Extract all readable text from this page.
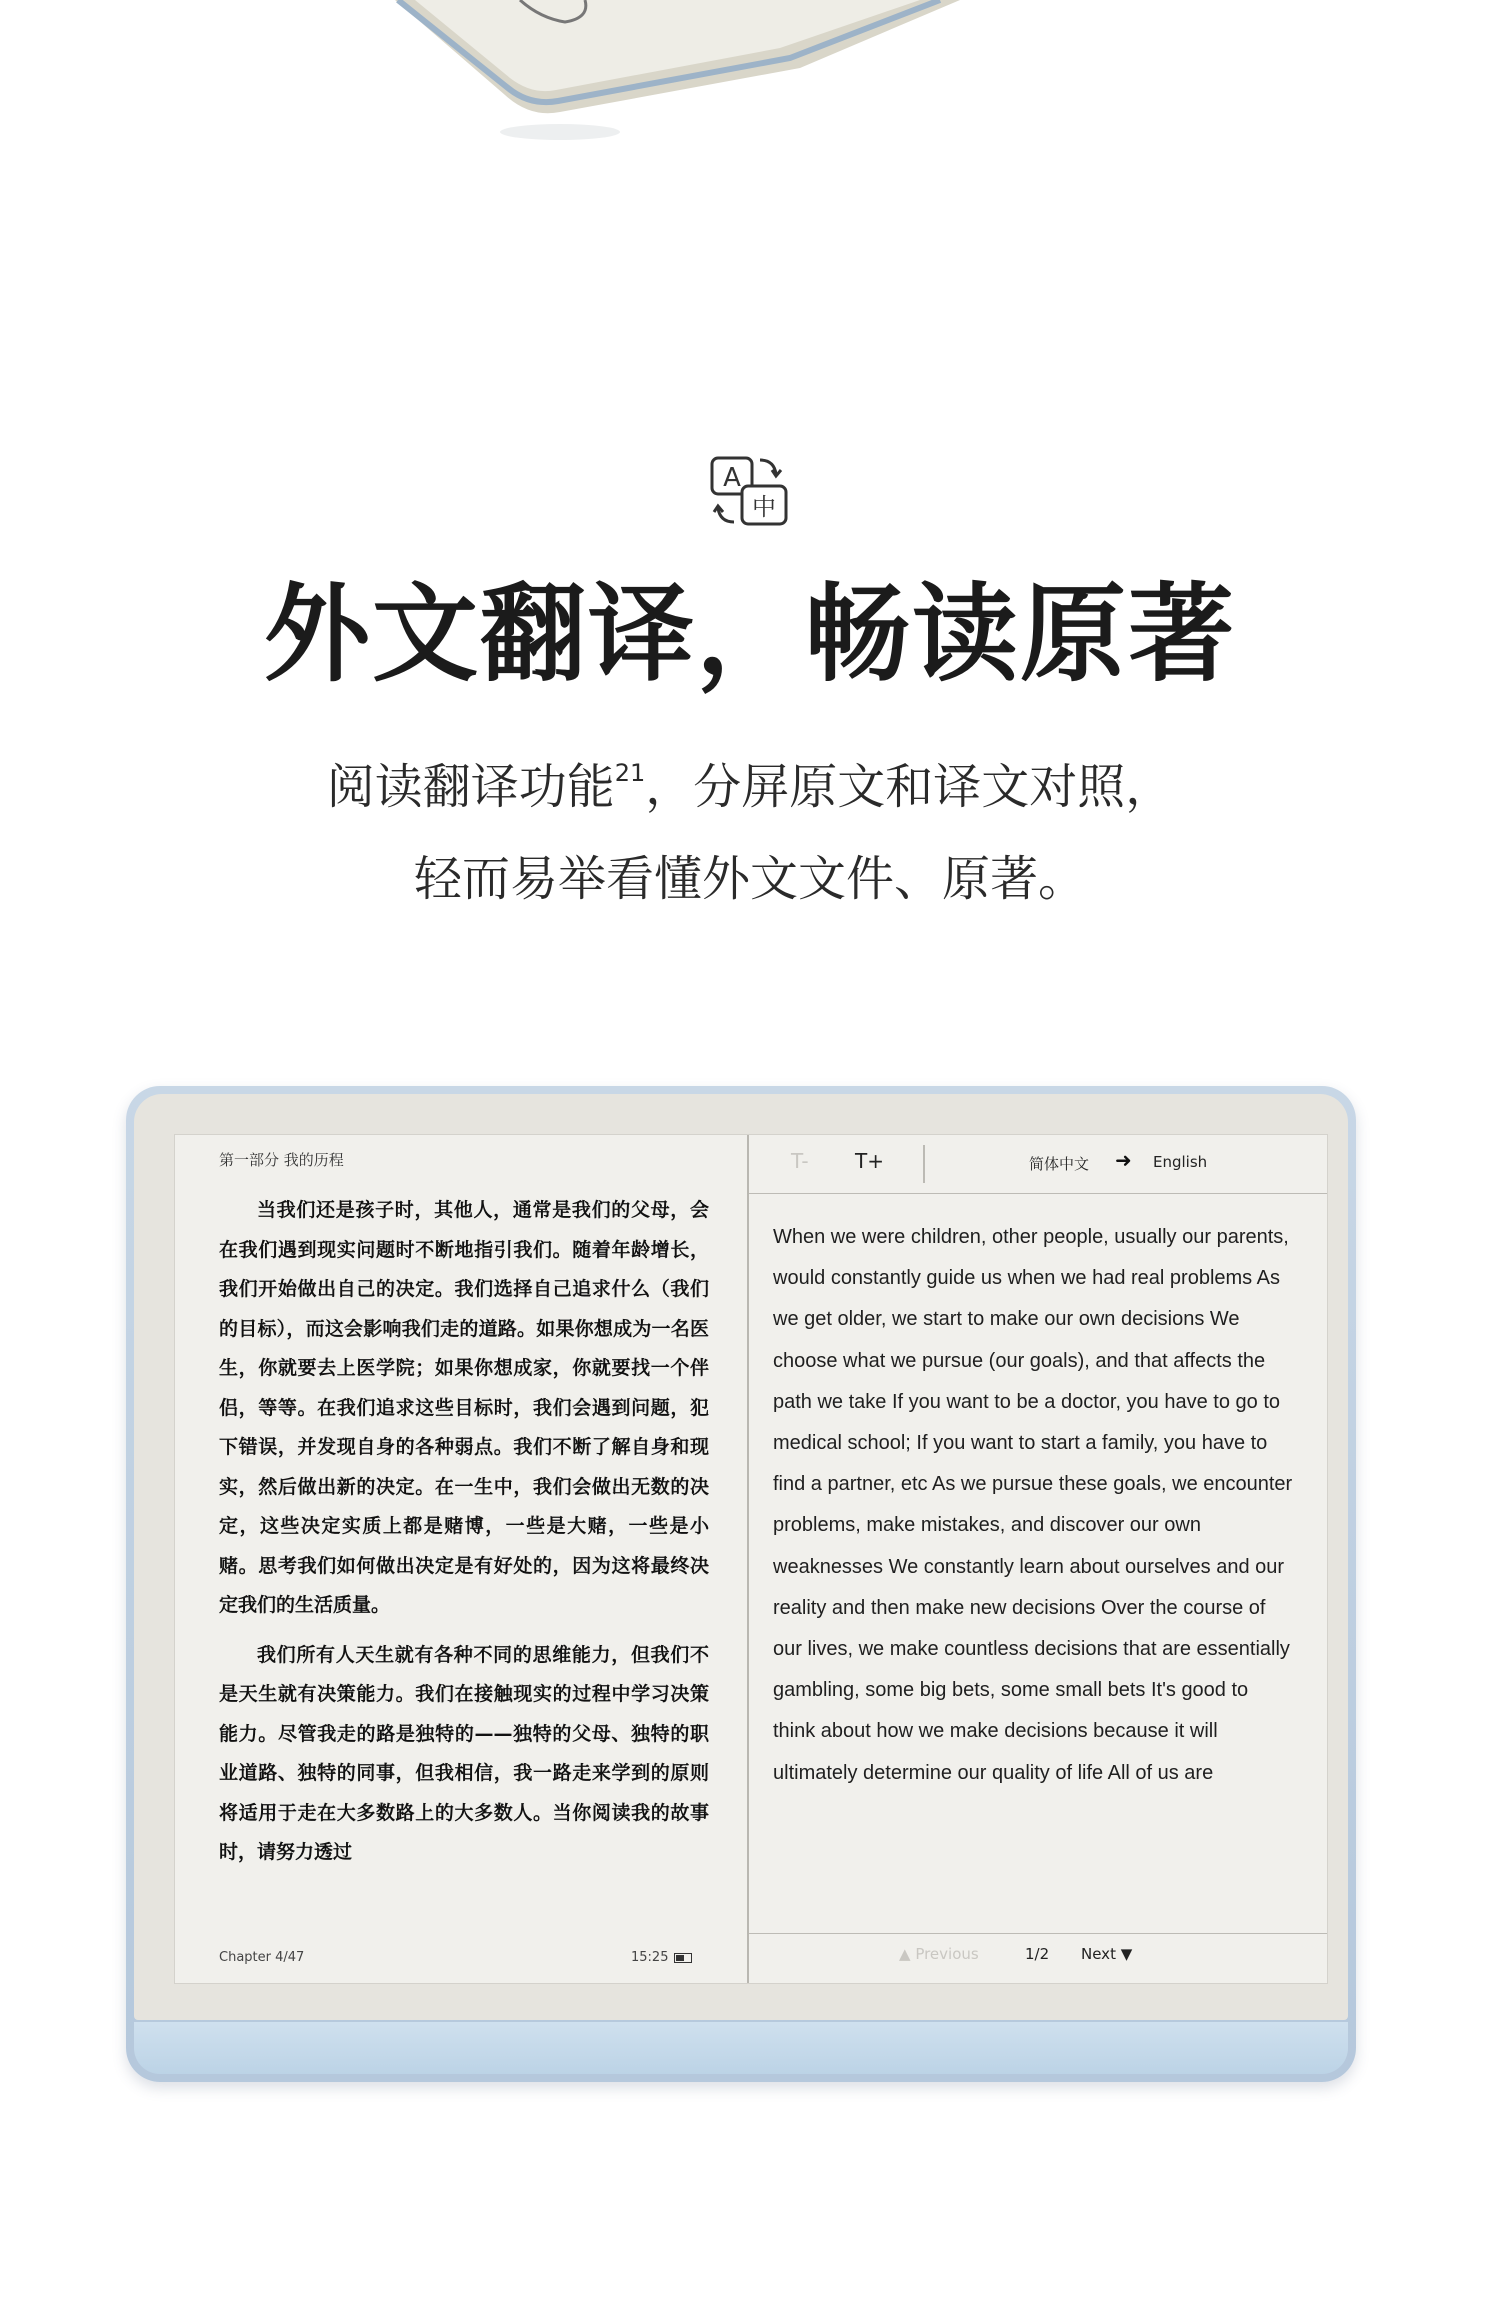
A
中
外文翻译，畅读原著
阅读翻译功能$^{21}$，分屏原文和译文对照，
轻而易举看懂外文文件、原著。
第一部分 我的历程

当我们还是孩子时，其他人，通常是我们的父母，会在我们遇到现实问题时不断地指引我们。随着年龄增长，我们开始做出自己的决定。我们选择自己追求什么（我们的目标），而这会影响我们走的道路。如果你想成为一名医生，你就要去上医学院；如果你想成家，你就要找一个伴侣，等等。在我们追求这些目标时，我们会遇到问题，犯下错误，并发现自身的各种弱点。我们不断了解自身和现实，然后做出新的决定。在一生中，我们会做出无数的决定，这些决定实质上都是赌博，一些是大赌，一些是小赌。思考我们如何做出决定是有好处的，因为这将最终决定我们的生活质量。

我们所有人天生就有各种不同的思维能力，但我们不是天生就有决策能力。我们在接触现实的过程中学习决策能力。尽管我走的路是独特的——独特的父母、独特的职业道路、独特的同事，但我相信，我一路走来学到的原则将适用于走在大多数路上的大多数人。当你阅读我的故事时，请努力透过

Chapter 4/47	15:25
T- T+	简体中文 ➜ English
When we were children, other people, usually our parents, would constantly guide us when we had real problems As we get older, we start to make our own decisions We choose what we pursue (our goals), and that affects the path we take If you want to be a doctor, you have to go to medical school; If you want to start a family, you have to find a partner, etc As we pursue these goals, we encounter problems, make mistakes, and discover our own weaknesses We constantly learn about ourselves and our reality and then make new decisions Over the course of our lives, we make countless decisions that are essentially gambling, some big bets, some small bets It's good to think about how we make decisions because it will ultimately determine our quality of life All of us are
▲ Previous	1/2 Next ▼
